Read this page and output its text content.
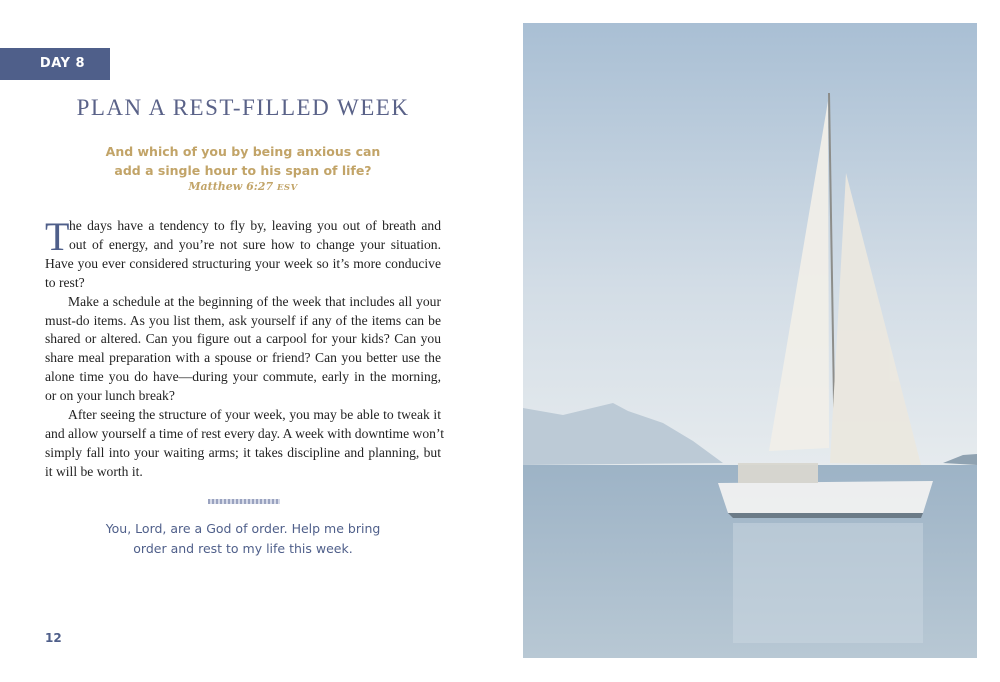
DAY 8
PLAN A REST-FILLED WEEK
And which of you by being anxious can
add a single hour to his span of life?
Matthew 6:27 ESV
T he days have a tendency to fly by, leaving you out of breath and
out of energy, and you’re not sure how to change your situation.
Have you ever considered structuring your week so it’s more conducive
to rest?
Make a schedule at the beginning of the week that includes all your
must-do items. As you list them, ask yourself if any of the items can be
shared or altered. Can you figure out a carpool for your kids? Can you
share meal preparation with a spouse or friend? Can you better use the
alone time you do have—during your commute, early in the morning,
or on your lunch break?
After seeing the structure of your week, you may be able to tweak it
and allow yourself a time of rest every day. A week with downtime won’t
simply fall into your waiting arms; it takes discipline and planning, but
it will be worth it.
You, Lord, are a God of order. Help me bring
order and rest to my life this week.
12
